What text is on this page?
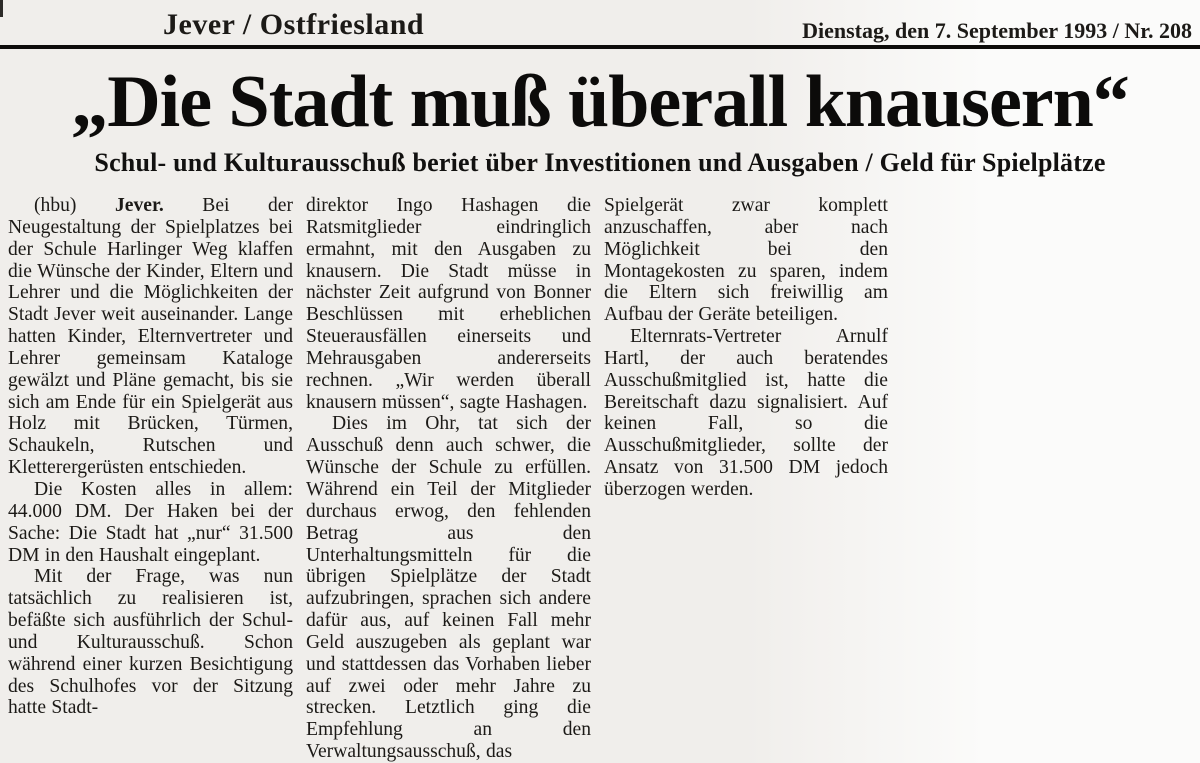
Jever / Ostfriesland	Dienstag, den 7. September 1993 / Nr. 208
„Die Stadt muß überall knausern“
Schul- und Kulturausschuß beriet über Investitionen und Ausgaben / Geld für Spielplätze

(hbu) Jever. Bei der Neugestaltung der Spielplatzes bei der Schule Harlinger Weg klaffen die Wünsche der Kinder, Eltern und Lehrer und die Möglichkeiten der Stadt Jever weit auseinander. Lange hatten Kinder, Elternvertreter und Lehrer gemeinsam Kataloge gewälzt und Pläne gemacht, bis sie sich am Ende für ein Spielgerät aus Holz mit Brücken, Türmen, Schaukeln, Rutschen und Kletterergerüsten entschieden.

Die Kosten alles in allem: 44.000 DM. Der Haken bei der Sache: Die Stadt hat „nur“ 31.500 DM in den Haushalt eingeplant.

Mit der Frage, was nun tatsächlich zu realisieren ist, befäßte sich ausführlich der Schul- und Kulturausschuß. Schon während einer kurzen Besichtigung des Schulhofes vor der Sitzung hatte Stadt-

direktor Ingo Hashagen die Ratsmitglieder eindringlich ermahnt, mit den Ausgaben zu knausern. Die Stadt müsse in nächster Zeit aufgrund von Bonner Beschlüssen mit erheblichen Steuerausfällen einerseits und Mehrausgaben andererseits rechnen. „Wir werden überall knausern müssen“, sagte Hashagen.

Dies im Ohr, tat sich der Ausschuß denn auch schwer, die Wünsche der Schule zu erfüllen. Während ein Teil der Mitglieder durchaus erwog, den fehlenden Betrag aus den Unterhaltungsmitteln für die übrigen Spielplätze der Stadt aufzubringen, sprachen sich andere dafür aus, auf keinen Fall mehr Geld auszugeben als geplant war und stattdessen das Vorhaben lieber auf zwei oder mehr Jahre zu strecken. Letztlich ging die Empfehlung an den Verwaltungsausschuß, das

Spielgerät zwar komplett anzuschaffen, aber nach Möglichkeit bei den Montagekosten zu sparen, indem die Eltern sich freiwillig am Aufbau der Geräte beteiligen.

Elternrats-Vertreter Arnulf Hartl, der auch beratendes Ausschußmitglied ist, hatte die Bereitschaft dazu signalisiert. Auf keinen Fall, so die Ausschußmitglieder, sollte der Ansatz von 31.500 DM jedoch überzogen werden.
